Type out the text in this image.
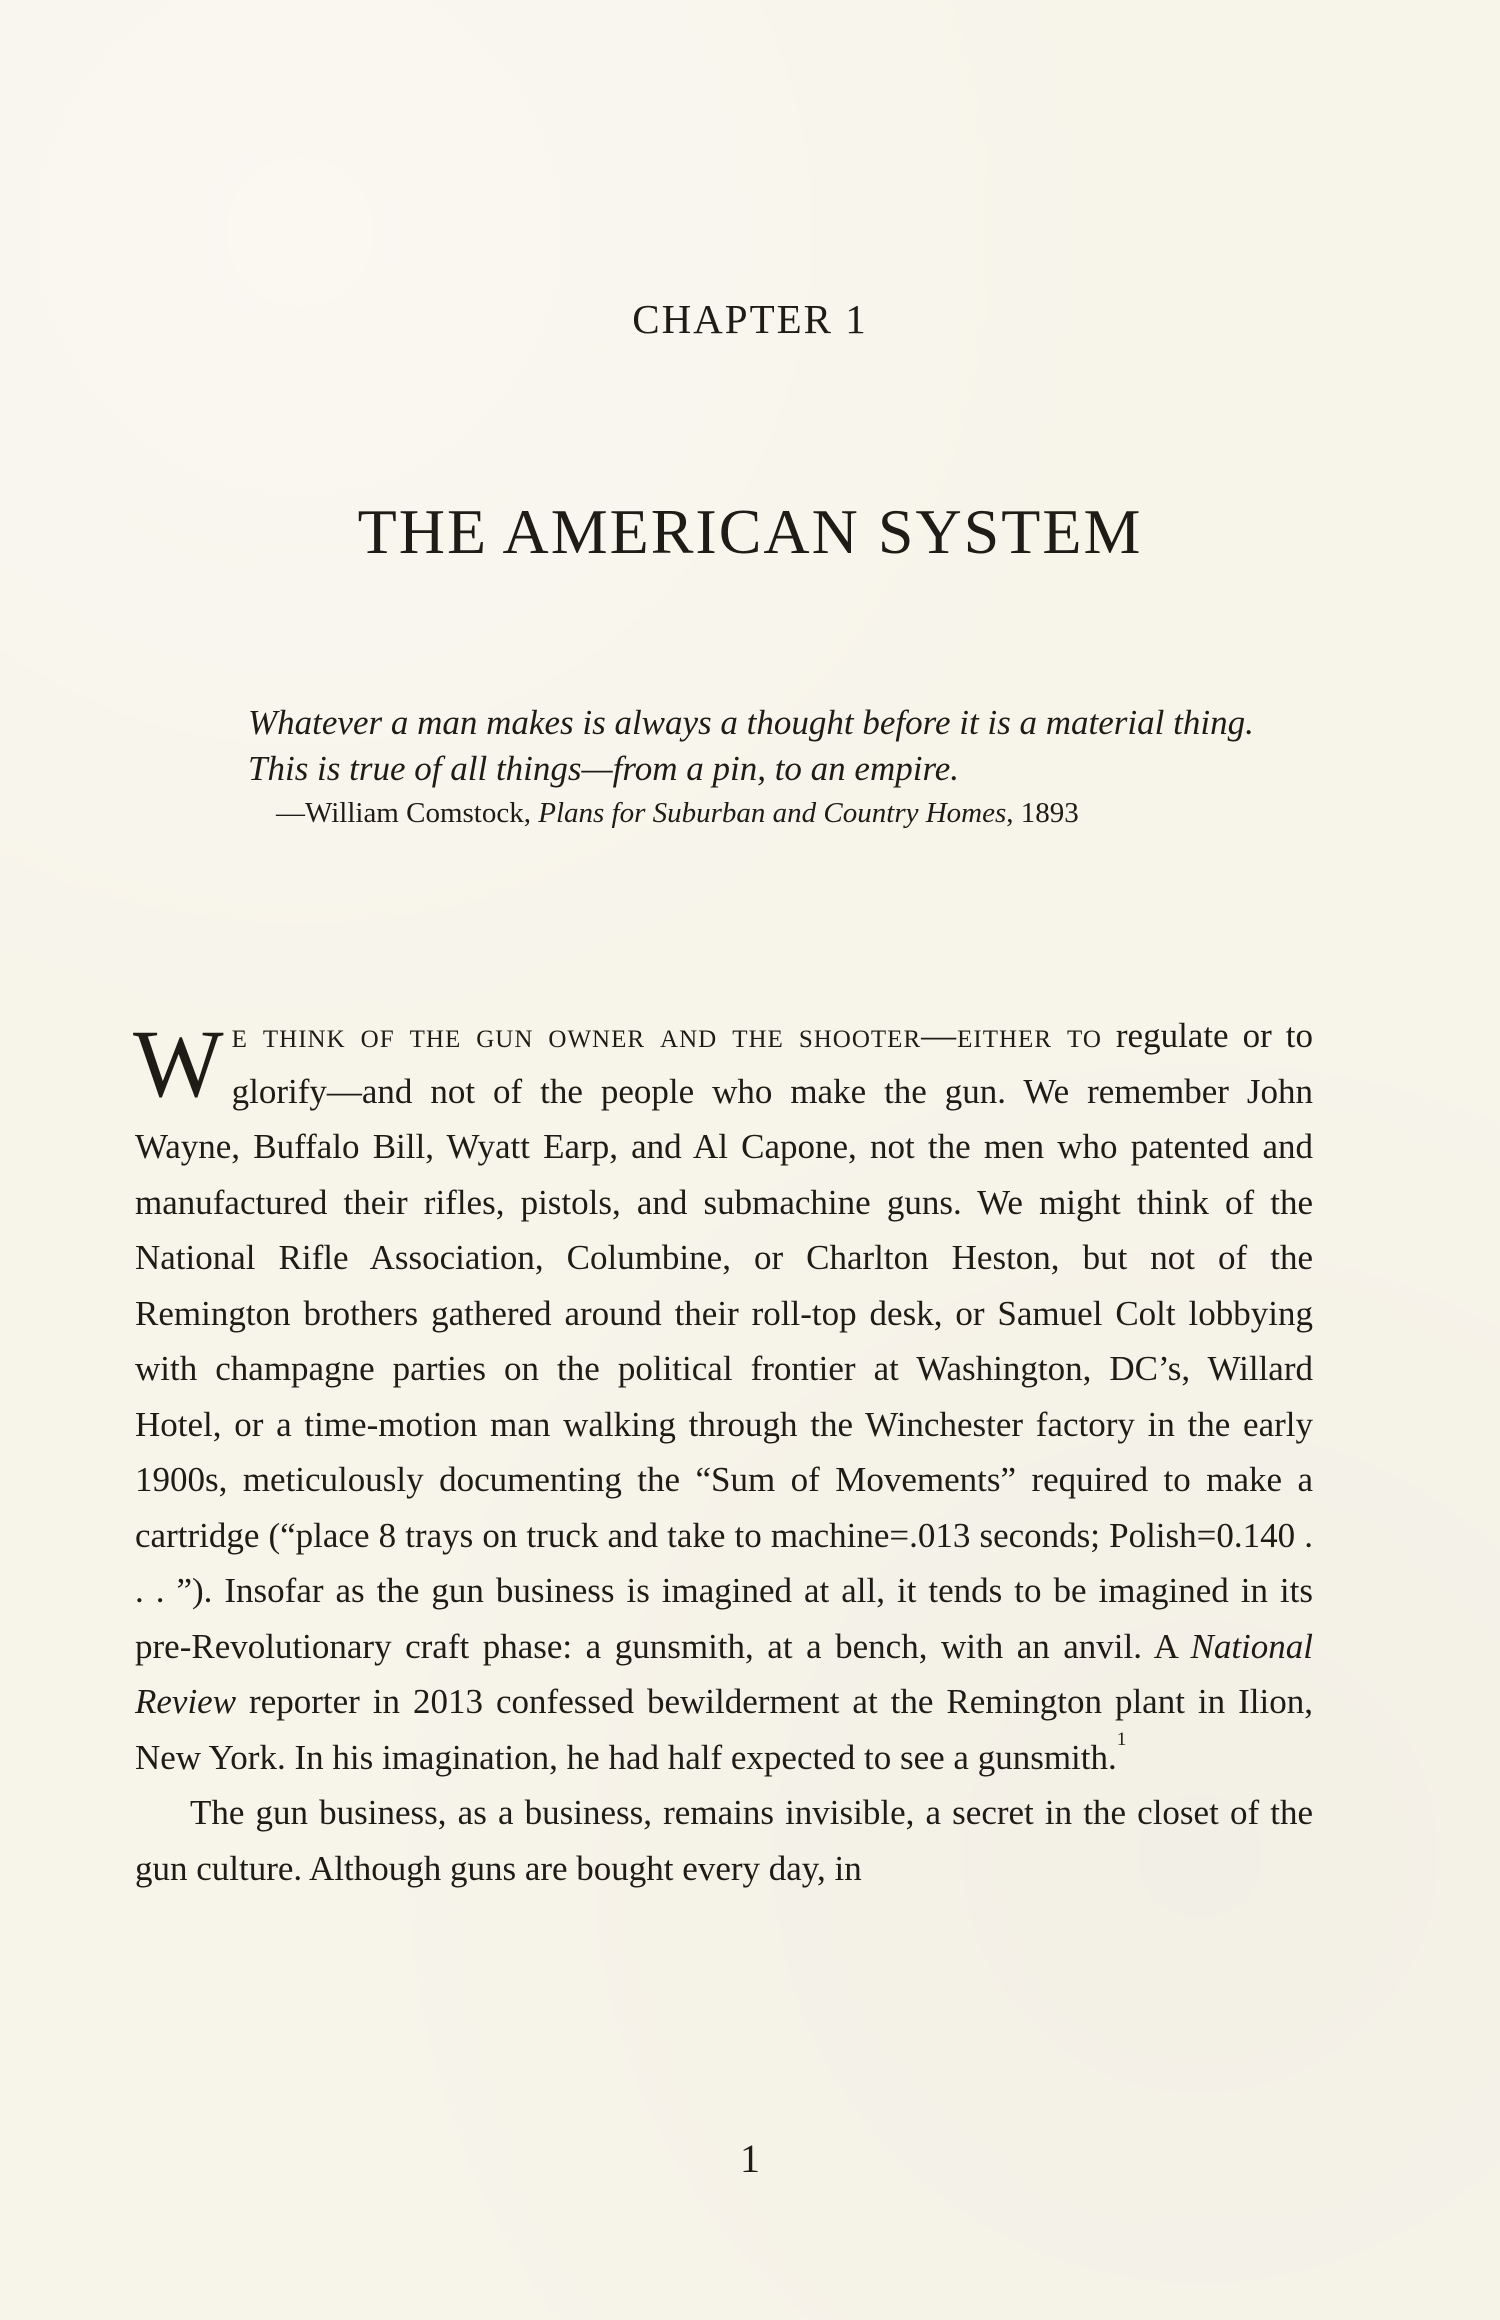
CHAPTER 1
THE AMERICAN SYSTEM
Whatever a man makes is always a thought before it is a material thing. This is true of all things—from a pin, to an empire.
—William Comstock, Plans for Suburban and Country Homes, 1893

We think of the gun owner and the shooter—either to regulate or to glorify—and not of the people who make the gun. We remember John Wayne, Buffalo Bill, Wyatt Earp, and Al Capone, not the men who patented and manufactured their rifles, pistols, and submachine guns. We might think of the National Rifle Association, Columbine, or Charlton Heston, but not of the Remington brothers gathered around their roll-top desk, or Samuel Colt lobbying with champagne parties on the political frontier at Washington, DC’s, Willard Hotel, or a time-motion man walking through the Winchester factory in the early 1900s, meticulously documenting the “Sum of Movements” required to make a cartridge (“place 8 trays on truck and take to machine=.013 seconds; Polish=0.140 . . . ”). Insofar as the gun business is imagined at all, it tends to be imagined in its pre-Revolutionary craft phase: a gunsmith, at a bench, with an anvil. A National Review reporter in 2013 confessed bewilderment at the Remington plant in Ilion, New York. In his imagination, he had half expected to see a gunsmith.$^1$

The gun business, as a business, remains invisible, a secret in the closet of the gun culture. Although guns are bought every day, in

1
